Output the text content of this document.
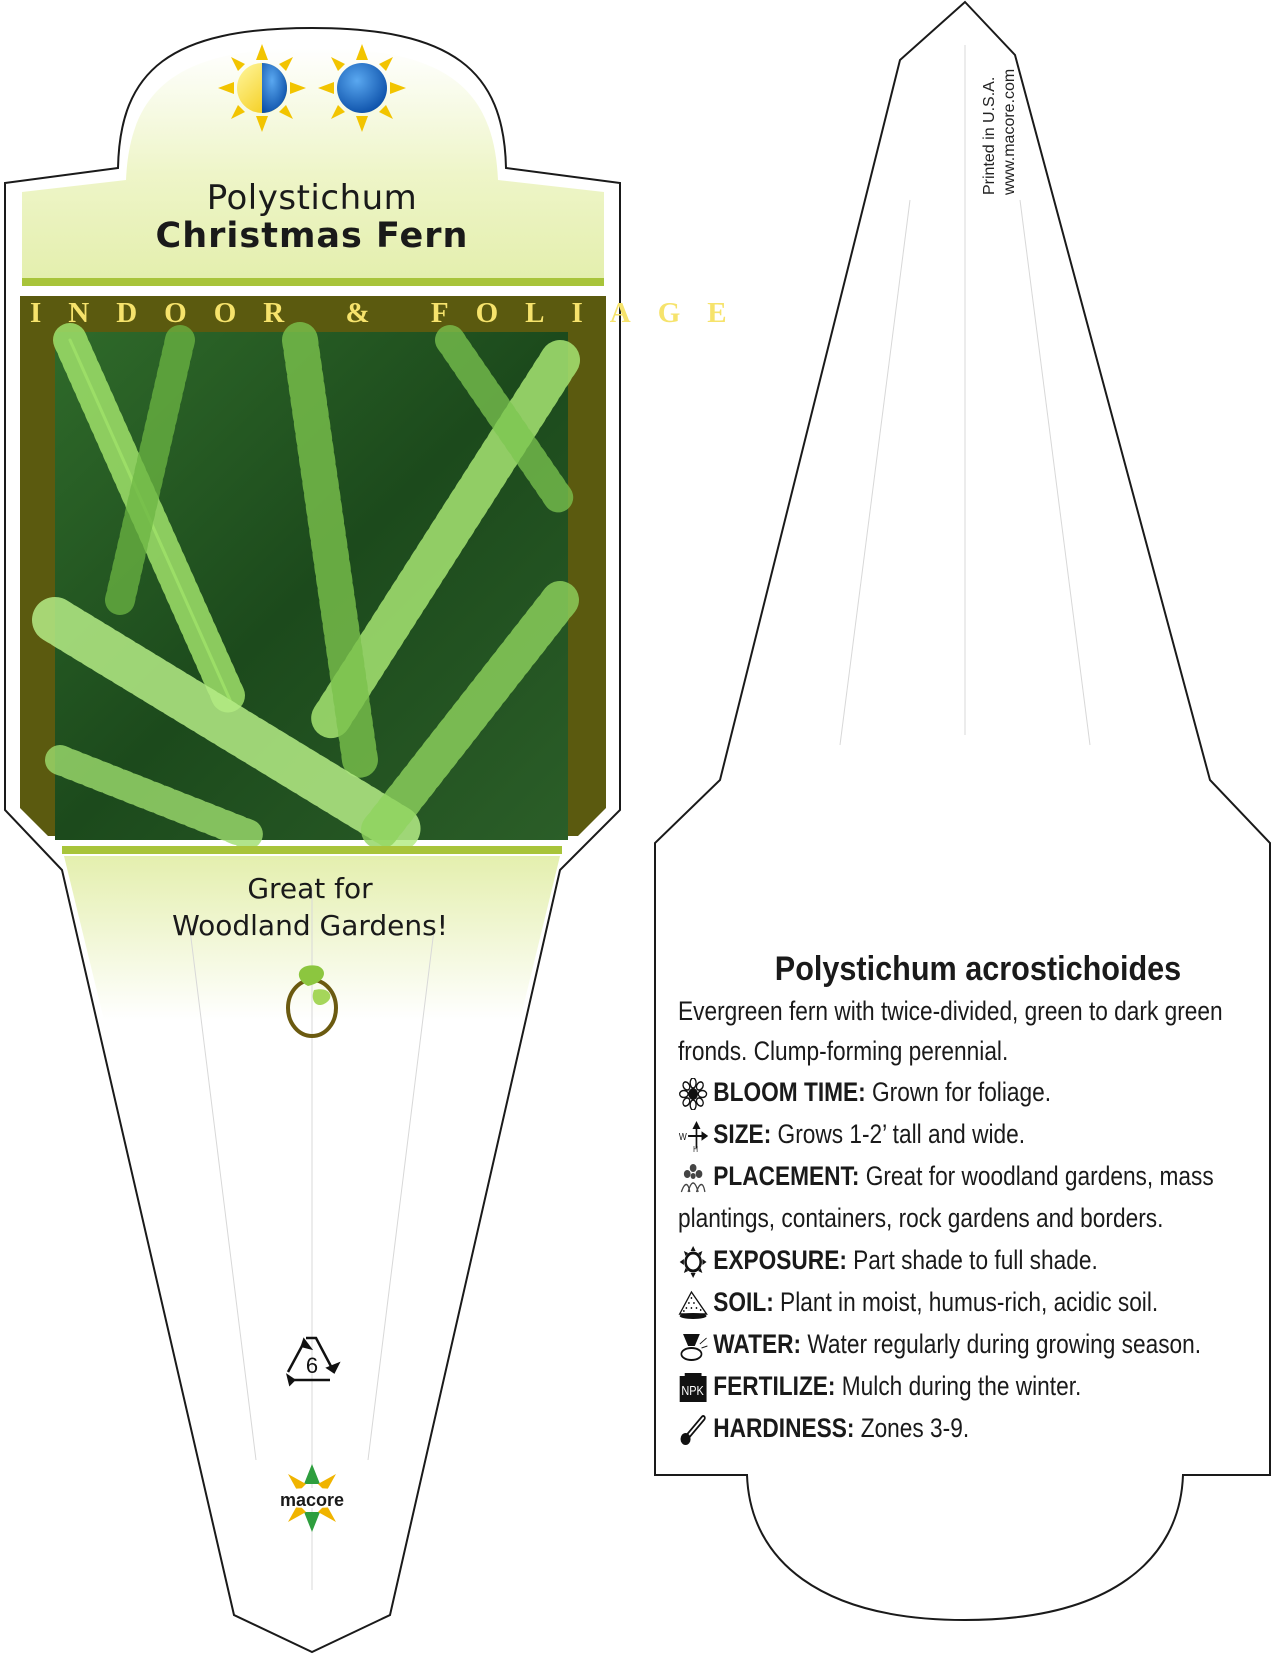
Polystichum
Christmas Fern
INDOOR & FOLIAGE
Great for
Woodland Gardens!
6
macore
Printed in U.S.A. www.macore.com
Polystichum acrostichoides
Evergreen fern with twice-divided, green to dark green fronds. Clump-forming perennial.
BLOOM TIME: Grown for foliage.
W
H
SIZE: Grows 1-2’ tall and wide.
PLACEMENT: Great for woodland gardens, mass plantings, containers, rock gardens and borders.
EXPOSURE: Part shade to full shade.
SOIL: Plant in moist, humus-rich, acidic soil.
WATER: Water regularly during growing season.
NPK FERTILIZE: Mulch during the winter.
HARDINESS: Zones 3-9.
